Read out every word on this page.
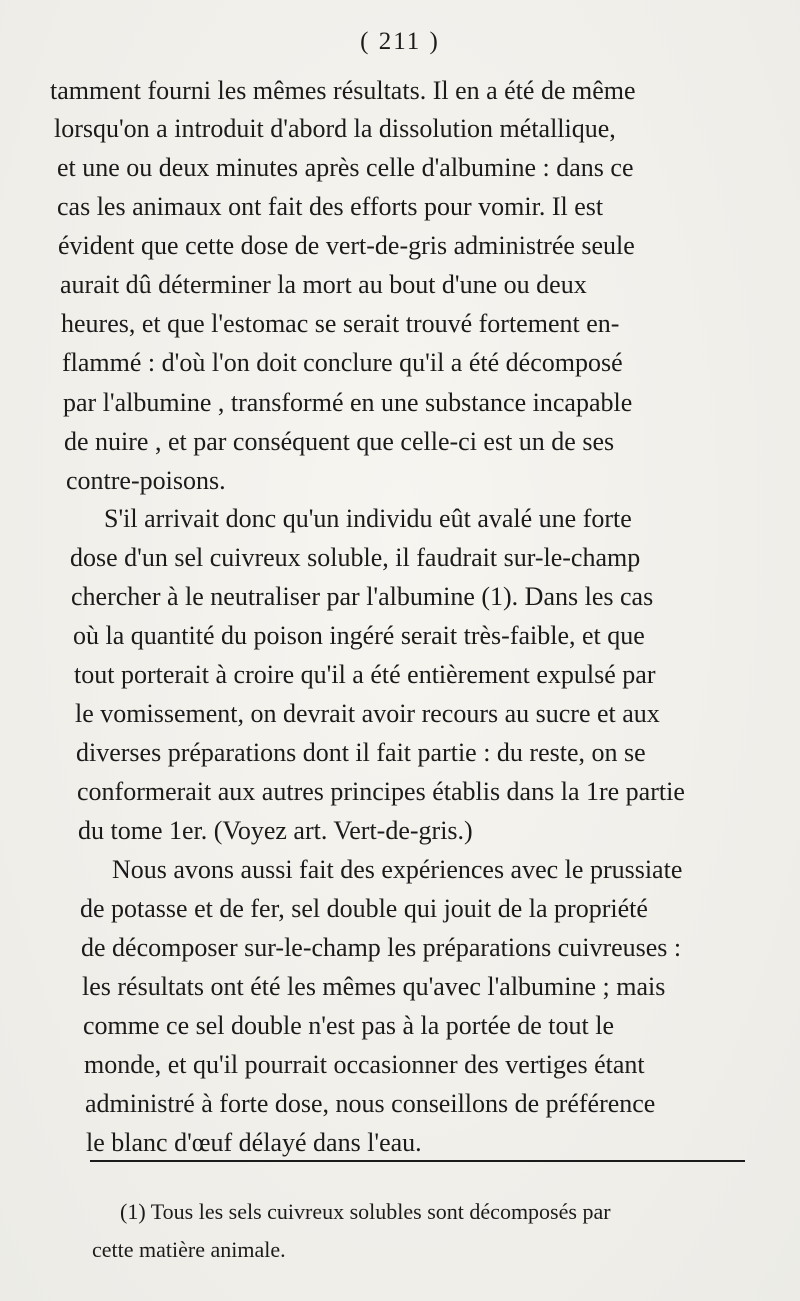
( 211 )
tamment fourni les mêmes résultats. Il en a été de même
lorsqu'on a introduit d'abord la dissolution métallique,
et une ou deux minutes après celle d'albumine : dans ce
cas les animaux ont fait des efforts pour vomir. Il est
évident que cette dose de vert-de-gris administrée seule
aurait dû déterminer la mort au bout d'une ou deux
heures, et que l'estomac se serait trouvé fortement en-
flammé : d'où l'on doit conclure qu'il a été décomposé
par l'albumine , transformé en une substance incapable
de nuire , et par conséquent que celle-ci est un de ses
contre-poisons.
S'il arrivait donc qu'un individu eût avalé une forte
dose d'un sel cuivreux soluble, il faudrait sur-le-champ
chercher à le neutraliser par l'albumine (1). Dans les cas
où la quantité du poison ingéré serait très-faible, et que
tout porterait à croire qu'il a été entièrement expulsé par
le vomissement, on devrait avoir recours au sucre et aux
diverses préparations dont il fait partie : du reste, on se
conformerait aux autres principes établis dans la 1re partie
du tome 1er. (Voyez art. Vert-de-gris.)
Nous avons aussi fait des expériences avec le prussiate
de potasse et de fer, sel double qui jouit de la propriété
de décomposer sur-le-champ les préparations cuivreuses :
les résultats ont été les mêmes qu'avec l'albumine ; mais
comme ce sel double n'est pas à la portée de tout le
monde, et qu'il pourrait occasionner des vertiges étant
administré à forte dose, nous conseillons de préférence
le blanc d'œuf délayé dans l'eau.
(1) Tous les sels cuivreux solubles sont décomposés par
cette matière animale.
